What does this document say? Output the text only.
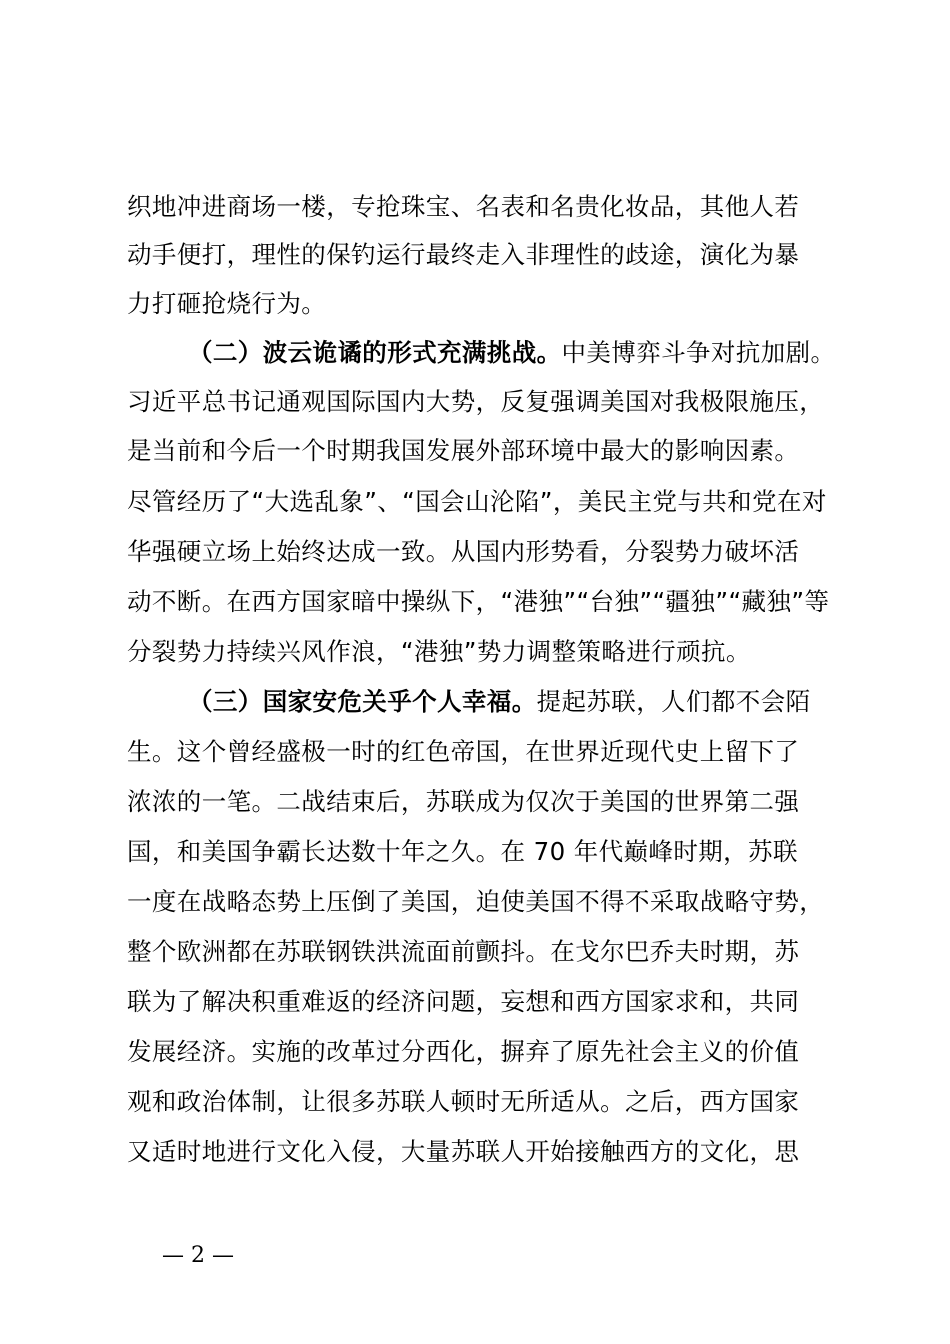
织地冲进商场一楼，专抢珠宝、名表和名贵化妆品，其他人若
动手便打，理性的保钓运行最终走入非理性的歧途，演化为暴
力打砸抢烧行为。
（二）波云诡谲的形式充满挑战。中美博弈斗争对抗加剧。
习近平总书记通观国际国内大势，反复强调美国对我极限施压，
是当前和今后一个时期我国发展外部环境中最大的影响因素。
尽管经历了“大选乱象”、“国会山沦陷”，美民主党与共和党在对
华强硬立场上始终达成一致。从国内形势看，分裂势力破坏活
动不断。在西方国家暗中操纵下，“港独”“台独”“疆独”“藏独”等
分裂势力持续兴风作浪，“港独”势力调整策略进行顽抗。
（三）国家安危关乎个人幸福。提起苏联，人们都不会陌
生。这个曾经盛极一时的红色帝国，在世界近现代史上留下了
浓浓的一笔。二战结束后，苏联成为仅次于美国的世界第二强
国，和美国争霸长达数十年之久。在 70 年代巅峰时期，苏联
一度在战略态势上压倒了美国，迫使美国不得不采取战略守势，
整个欧洲都在苏联钢铁洪流面前颤抖。在戈尔巴乔夫时期，苏
联为了解决积重难返的经济问题，妄想和西方国家求和，共同
发展经济。实施的改革过分西化，摒弃了原先社会主义的价值
观和政治体制，让很多苏联人顿时无所适从。之后，西方国家
又适时地进行文化入侵，大量苏联人开始接触西方的文化，思
— 2 —
